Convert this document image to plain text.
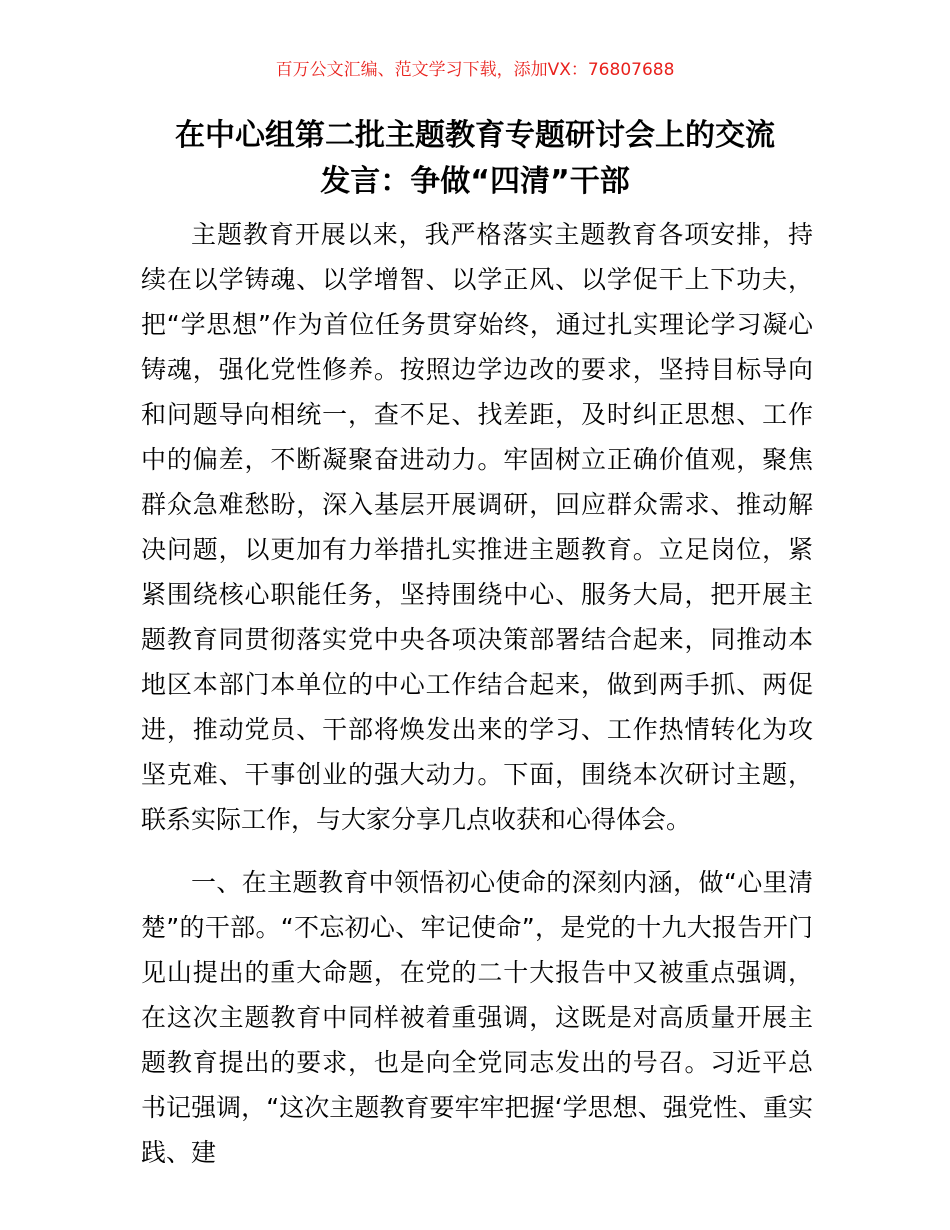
百万公文汇编、范文学习下载，添加VX：76807688
在中心组第二批主题教育专题研讨会上的交流
发言：争做“四清”干部

主题教育开展以来，我严格落实主题教育各项安排，持续在以学铸魂、以学增智、以学正风、以学促干上下功夫，把“学思想”作为首位任务贯穿始终，通过扎实理论学习凝心铸魂，强化党性修养。按照边学边改的要求，坚持目标导向和问题导向相统一，查不足、找差距，及时纠正思想、工作中的偏差，不断凝聚奋进动力。牢固树立正确价值观，聚焦群众急难愁盼，深入基层开展调研，回应群众需求、推动解决问题，以更加有力举措扎实推进主题教育。立足岗位，紧紧围绕核心职能任务，坚持围绕中心、服务大局，把开展主题教育同贯彻落实党中央各项决策部署结合起来，同推动本地区本部门本单位的中心工作结合起来，做到两手抓、两促进，推动党员、干部将焕发出来的学习、工作热情转化为攻坚克难、干事创业的强大动力。下面，围绕本次研讨主题，联系实际工作，与大家分享几点收获和心得体会。

一、在主题教育中领悟初心使命的深刻内涵，做“心里清楚”的干部。“不忘初心、牢记使命”，是党的十九大报告开门见山提出的重大命题，在党的二十大报告中又被重点强调，在这次主题教育中同样被着重强调，这既是对高质量开展主题教育提出的要求，也是向全党同志发出的号召。习近平总书记强调，“这次主题教育要牢牢把握‘学思想、强党性、重实践、建
